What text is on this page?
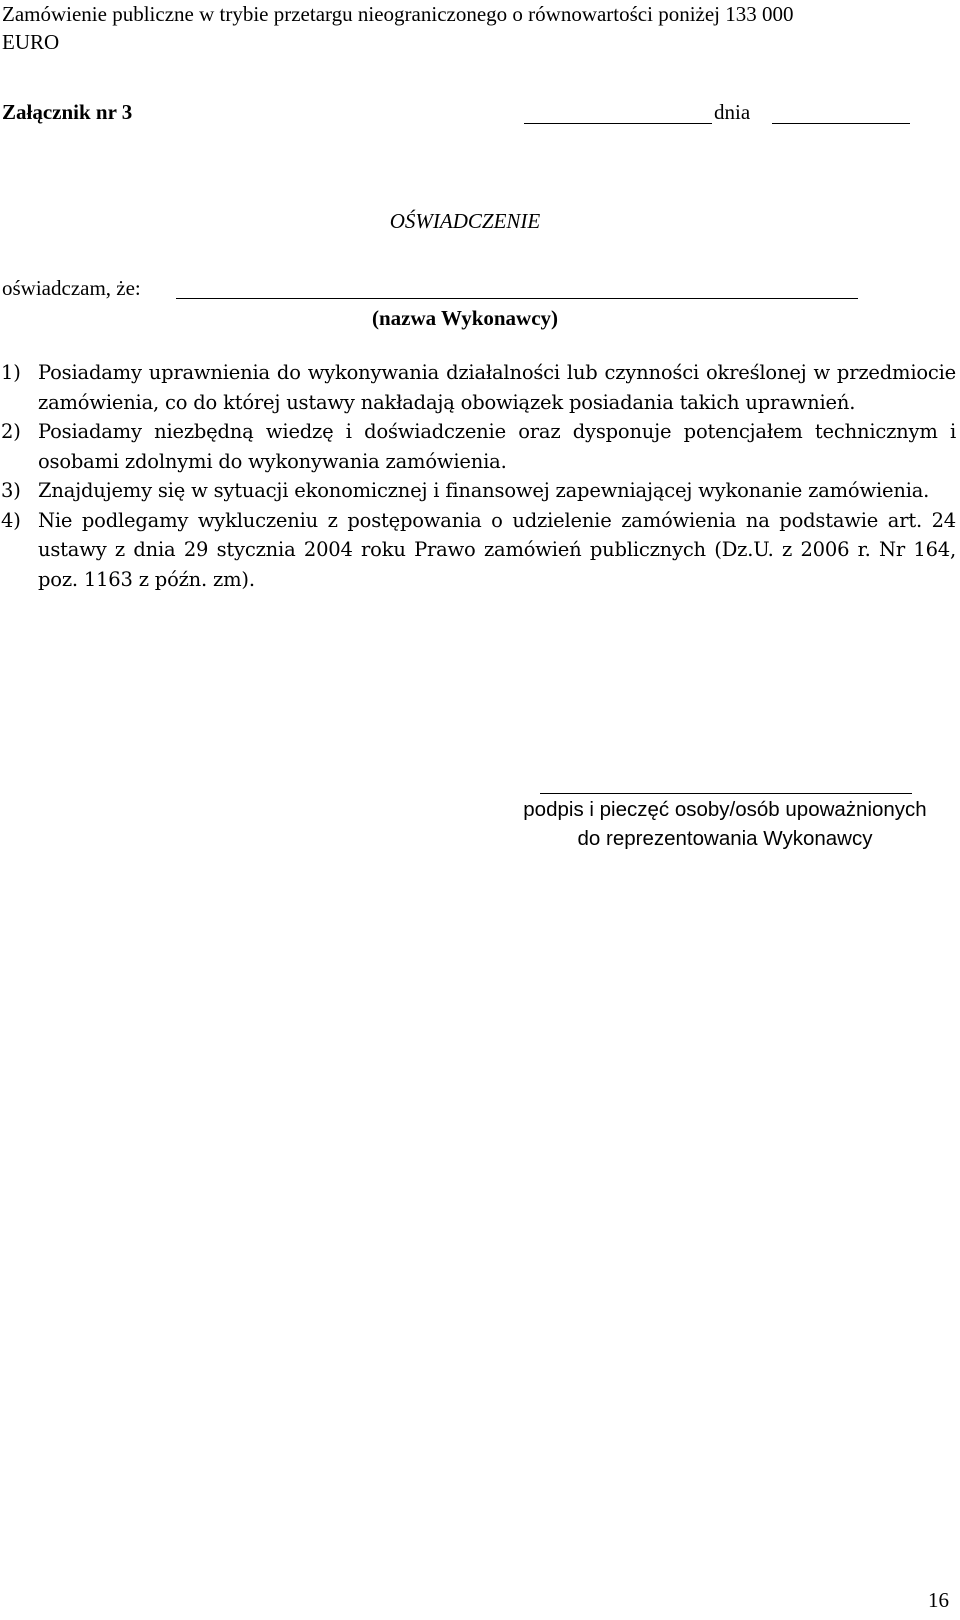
Zamówienie publiczne w trybie przetargu nieograniczonego o równowartości poniżej 133 000
EURO
Załącznik nr 3	dnia
OŚWIADCZENIE
oświadczam, że:
(nazwa Wykonawcy)
1) Posiadamy uprawnienia do wykonywania działalności lub czynności określonej w przedmiocie zamówienia, co do której ustawy nakładają obowiązek posiadania takich uprawnień.
2) Posiadamy niezbędną wiedzę i doświadczenie oraz dysponuje potencjałem technicznym i osobami zdolnymi do wykonywania zamówienia.
3) Znajdujemy się w sytuacji ekonomicznej i finansowej zapewniającej wykonanie zamówienia.
4) Nie podlegamy wykluczeniu z postępowania o udzielenie zamówienia na podstawie art. 24 ustawy z dnia 29 stycznia 2004 roku Prawo zamówień publicznych (Dz.U. z 2006 r. Nr 164, poz. 1163 z późn. zm).
podpis i pieczęć osoby/osób upoważnionych
do reprezentowania Wykonawcy
16
